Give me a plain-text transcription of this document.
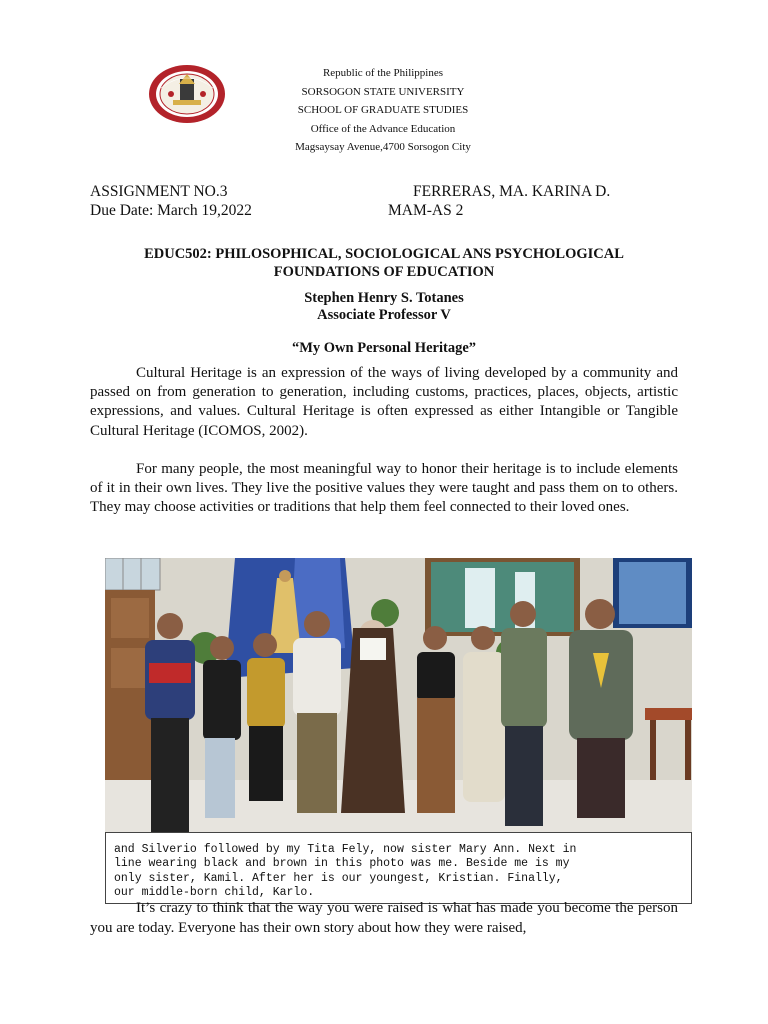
Republic of the Philippines
SORSOGON STATE UNIVERSITY
SCHOOL OF GRADUATE STUDIES
Office of the Advance Education
Magsaysay Avenue,4700 Sorsogon City
ASSIGNMENT NO.3
Due Date: March 19,2022
FERRERAS, MA. KARINA D.
MAM-AS 2
EDUC502: PHILOSOPHICAL, SOCIOLOGICAL ANS PSYCHOLOGICAL
FOUNDATIONS OF EDUCATION
Stephen Henry S. Totanes
Associate Professor V
“My Own Personal Heritage”

Cultural Heritage is an expression of the ways of living developed by a community and passed on from generation to generation, including customs, practices, places, objects, artistic expressions, and values. Cultural Heritage is often expressed as either Intangible or Tangible Cultural Heritage (ICOMOS, 2002).

For many people, the most meaningful way to honor their heritage is to include elements of it in their own lives. They live the positive values they were taught and pass them on to others. They may choose activities or traditions that help them feel connected to their loved ones.

and Silverio followed by my Tita Fely, now sister Mary Ann. Next in
line wearing black and brown in this photo was me. Beside me is my
only sister, Kamil. After her is our youngest, Kristian. Finally,
our middle-born child, Karlo.

It’s crazy to think that the way you were raised is what has made you become the person you are today. Everyone has their own story about how they were raised,
